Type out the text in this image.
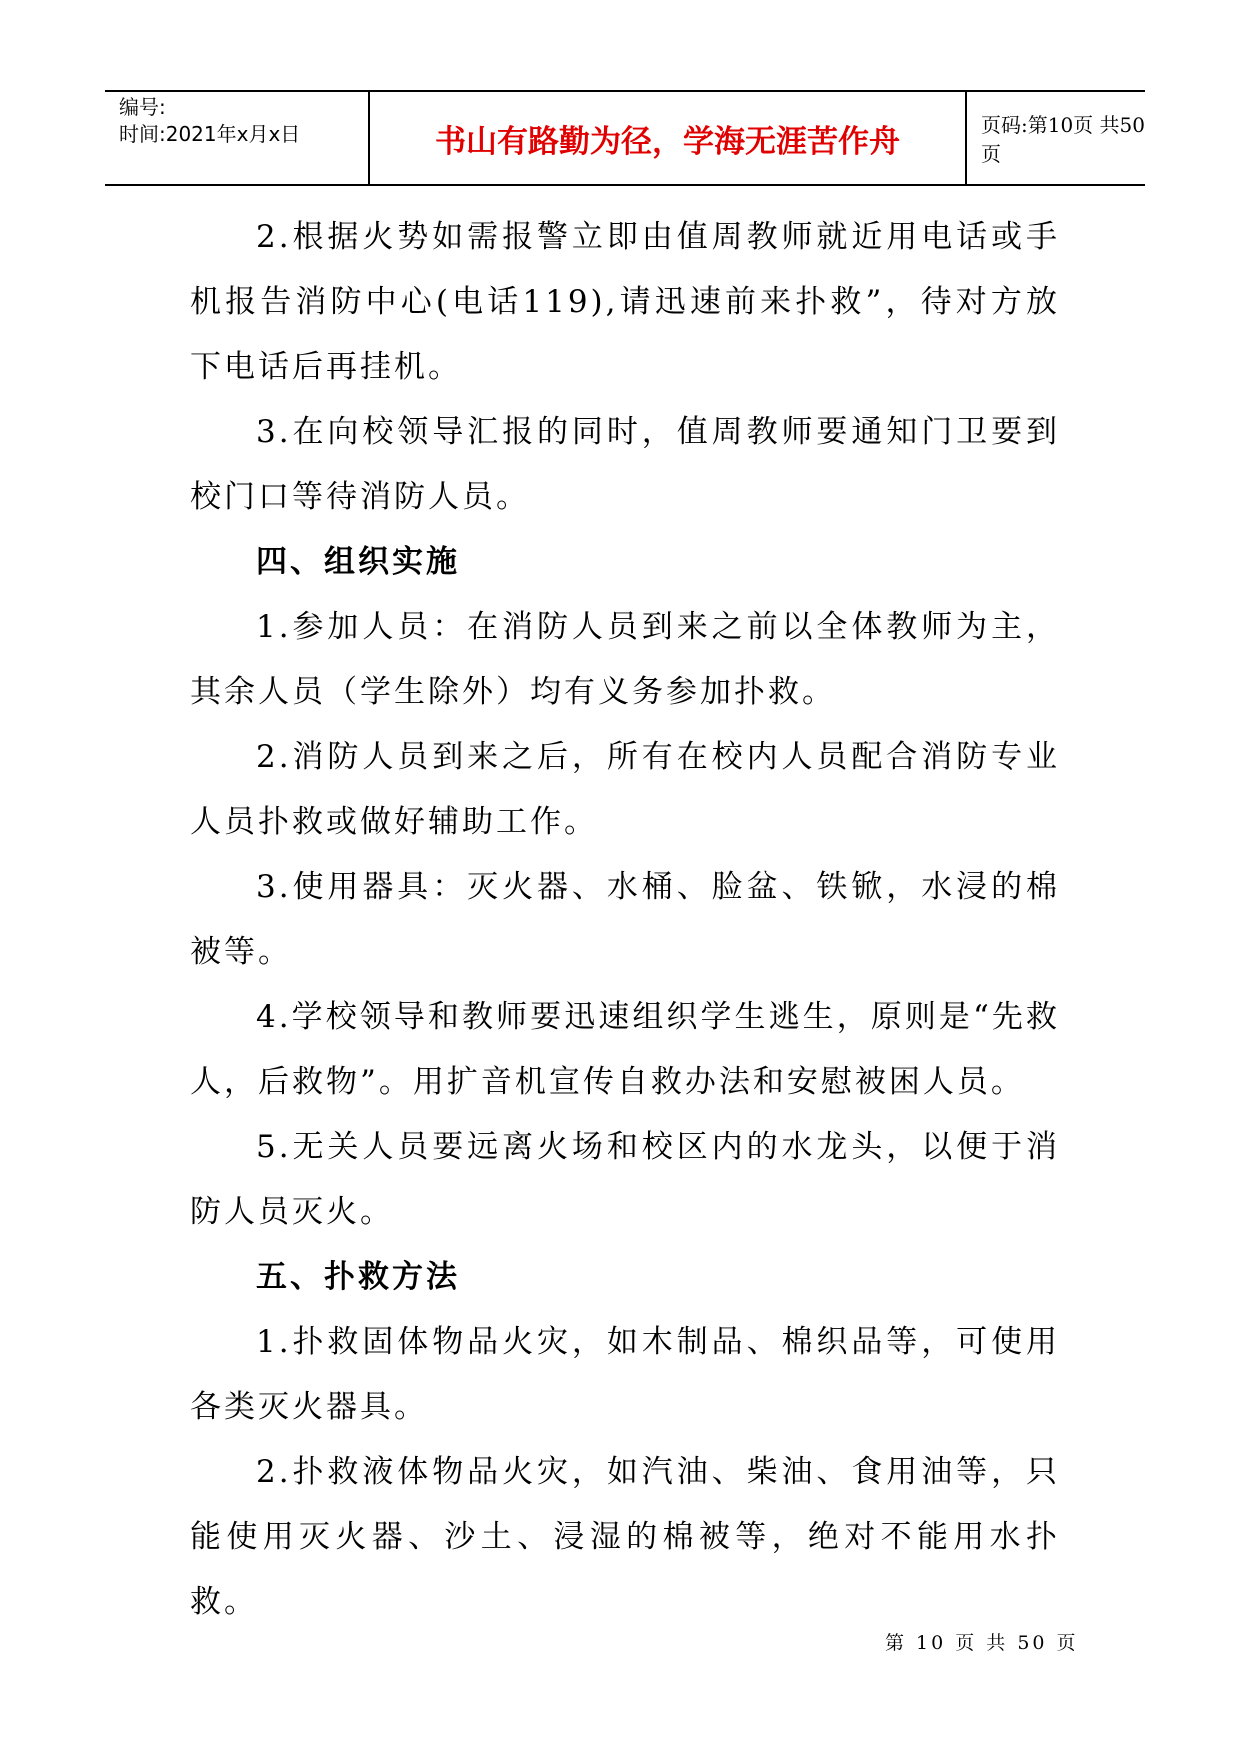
编号:
时间:2021年x月x日	书山有路勤为径，学海无涯苦作舟	页码:第10页 共50页

2.根据火势如需报警立即由值周教师就近用电话或手机报告消防中心(电话119),请迅速前来扑救”，待对方放下电话后再挂机。

3.在向校领导汇报的同时，值周教师要通知门卫要到校门口等待消防人员。

四、组织实施

1.参加人员：在消防人员到来之前以全体教师为主，其余人员（学生除外）均有义务参加扑救。

2.消防人员到来之后，所有在校内人员配合消防专业人员扑救或做好辅助工作。

3.使用器具：灭火器、水桶、脸盆、铁锨，水浸的棉被等。

4.学校领导和教师要迅速组织学生逃生，原则是“先救人，后救物”。用扩音机宣传自救办法和安慰被困人员。

5.无关人员要远离火场和校区内的水龙头，以便于消防人员灭火。

五、扑救方法

1.扑救固体物品火灾，如木制品、棉织品等，可使用各类灭火器具。

2.扑救液体物品火灾，如汽油、柴油、食用油等，只能使用灭火器、沙土、浸湿的棉被等，绝对不能用水扑救。

第 10 页 共 50 页
